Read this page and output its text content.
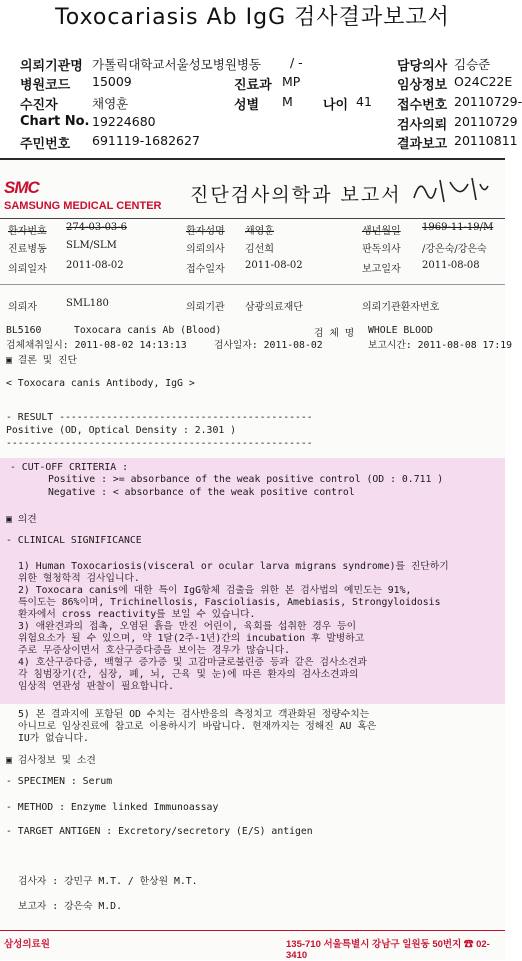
Toxocariasis Ab IgG 검사결과보고서
의뢰기관명 가톨릭대학교서울성모병원병동 / -
병원코드 15009	진료과 MP
수진자	채영훈	성별 M 나이 41
Chart No. 19224680
주민번호 691119-1682627
담당의사 김승준
임상정보 O24C22E
접수번호 20110729-
검사의뢰 20110729
결과보고 20110811
SMC
SAMSUNG MEDICAL CENTER 진단검사의학과 보고서
환자번호 274-03-03-6	환자성명 채영훈	생년월일 1969-11-19/M
진료병동 SLM/SLM	의뢰의사 김선희	판독의사 /강은숙/강은숙
의뢰일자 2011-08-02	접수일자 2011-08-02	보고일자 2011-08-08
의뢰자	SML180	의뢰기관 삼광의료재단	의뢰기관환자번호
BL5160	Toxocara canis Ab (Blood)	검 체 명 WHOLE BLOOD
검체채취일시: 2011-08-02 14:13:13	검사일자: 2011-08-02	보고시간: 2011-08-08 17:19
▣ 결론 및 진단
< Toxocara canis Antibody, IgG >
- RESULT -------------------------------------------
Positive (OD, Optical Density : 2.301 )
----------------------------------------------------
- CUT-OFF CRITERIA :
Positive : >= absorbance of the weak positive control (OD : 0.711 )
Negative : < absorbance of the weak positive control
▣ 의견
- CLINICAL SIGNIFICANCE
1) Human Toxocariosis(visceral or ocular larva migrans syndrome)를 진단하기
위한 혈청학적 검사입니다.
2) Toxocara canis에 대한 특이 IgG항체 검출을 위한 본 검사법의 예민도는 91%,
특이도는 86%이며, Trichinellosis, Fascioliasis, Amebiasis, Strongyloidosis
환자에서 cross reactivity를 보일 수 있습니다.
3) 애완견과의 접촉, 오염된 흙을 만진 어린이, 육회를 섭취한 경우 등이
위험요소가 될 수 있으며, 약 1달(2주-1년)간의 incubation 후 발병하고
주로 무증상이면서 호산구증다증을 보이는 경우가 많습니다.
4) 호산구증다증, 백혈구 증가증 및 고감마글로불린증 등과 같은 검사소견과
각 침범장기(간, 심장, 폐, 뇌, 근육 및 눈)에 따른 환자의 검사소견과의
임상적 연관성 판찰이 필요합니다.
5) 본 결과지에 포함된 OD 수치는 검사반응의 측정치고 객관화된 정량수치는
아니므로 임상진료에 참고로 이용하시기 바랍니다. 현재까지는 정해진 AU 혹은
IU가 없습니다.
▣ 검사정보 및 소견
- SPECIMEN : Serum
- METHOD : Enzyme linked Immunoassay
- TARGET ANTIGEN : Excretory/secretory (E/S) antigen
검사자 : 강민구 M.T. / 한상원 M.T.
보고자 : 강은숙 M.D.
삼성의료원	135-710 서울특별시 강남구 일원동 50번지 ☎ 02-3410
